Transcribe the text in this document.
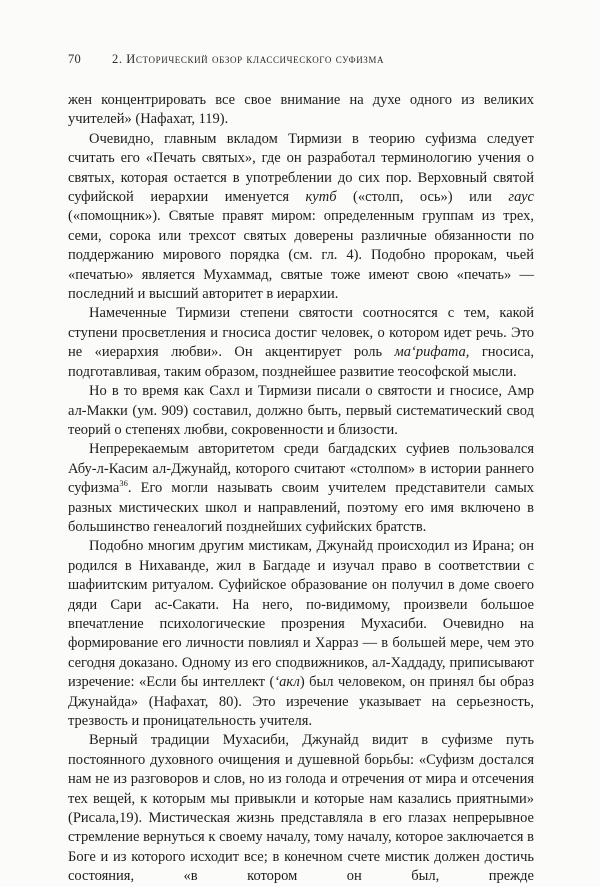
70 2. Исторический обзор классического суфизма

жен концентрировать все свое внимание на духе одного из великих учителей» (Нафахат, 119).

Очевидно, главным вкладом Тирмизи в теорию суфизма следует считать его «Печать святых», где он разработал терминологию учения о святых, которая остается в употреблении до сих пор. Верховный святой суфийской иерархии именуется кутб («столп, ось») или гаус («помощник»). Святые правят миром: определенным группам из трех, семи, сорока или трехсот святых доверены различные обязанности по поддержанию мирового порядка (см. гл. 4). Подобно пророкам, чьей «печатью» является Мухаммад, святые тоже имеют свою «печать» — последний и высший авторитет в иерархии.

Намеченные Тирмизи степени святости соотносятся с тем, какой ступени просветления и гносиса достиг человек, о котором идет речь. Это не «иерархия любви». Он акцентирует роль ма‘рифата, гносиса, подготавливая, таким образом, позднейшее развитие теософской мысли.

Но в то время как Сахл и Тирмизи писали о святости и гносисе, Амр ал-Макки (ум. 909) составил, должно быть, первый систематический свод теорий о степенях любви, сокровенности и близости.

Непререкаемым авторитетом среди багдадских суфиев пользовался Абу-л-Касим ал-Джунайд, которого считают «столпом» в истории раннего суфизма$^{36}$. Его могли называть своим учителем представители самых разных мистических школ и направлений, поэтому его имя включено в большинство генеалогий позднейших суфийских братств.

Подобно многим другим мистикам, Джунайд происходил из Ирана; он родился в Нихаванде, жил в Багдаде и изучал право в соответствии с шафиитским ритуалом. Суфийское образование он получил в доме своего дяди Сари ас-Сакати. На него, по-видимому, произвели большое впечатление психологические прозрения Мухасиби. Очевидно на формирование его личности повлиял и Харраз — в большей мере, чем это сегодня доказано. Одному из его сподвижников, ал-Хаддаду, приписывают изречение: «Если бы интеллект (‘акл) был человеком, он принял бы образ Джунайда» (Нафахат, 80). Это изречение указывает на серьезность, трезвость и проницательность учителя.

Верный традиции Мухасиби, Джунайд видит в суфизме путь постоянного духовного очищения и душевной борьбы: «Суфизм достался нам не из разговоров и слов, но из голода и отречения от мира и отсечения тех вещей, к которым мы привыкли и которые нам казались приятными» (Рисала,19). Мистическая жизнь представляла в его глазах непрерывное стремление вернуться к своему началу, тому началу, которое заключается в Боге и из которого исходит все; в конечном счете мистик должен достичь состояния, «в котором он был, прежде
